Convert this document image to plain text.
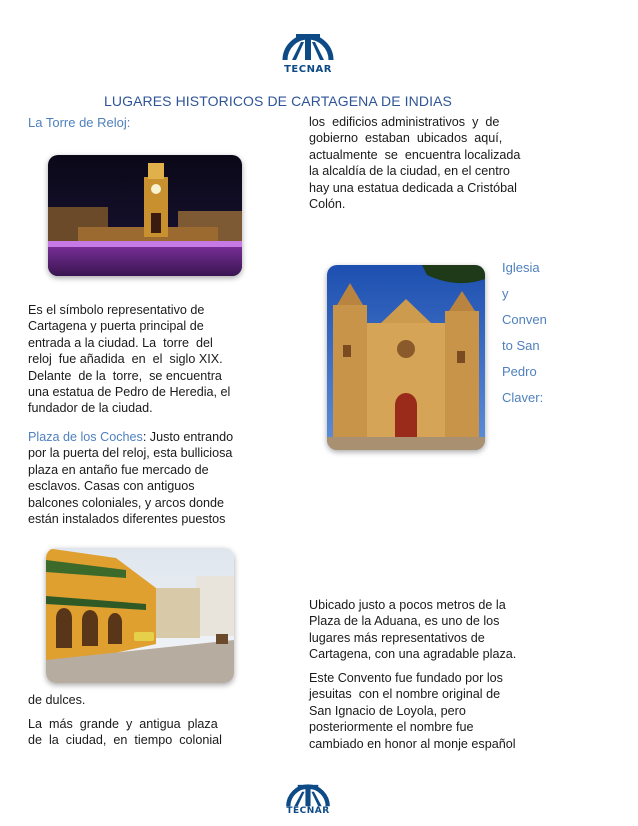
TECNAR
LUGARES HISTORICOS DE CARTAGENA DE INDIAS
La Torre de Reloj:
Es el símbolo representativo de
Cartagena y puerta principal de
entrada a la ciudad. La  torre  del
reloj  fue añadida  en  el  siglo XIX.
Delante  de la  torre,  se encuentra
una estatua de Pedro de Heredia, el
fundador de la ciudad.
Plaza de los Coches: Justo entrando
por la puerta del reloj, esta bulliciosa
plaza en antaño fue mercado de
esclavos. Casas con antiguos
balcones coloniales, y arcos donde
están instalados diferentes puestos
de dulces.
La  más  grande  y  antigua  plaza
de  la  ciudad,  en  tiempo  colonial
los  edificios administrativos  y  de
gobierno  estaban  ubicados  aquí,
actualmente  se  encuentra localizada
la alcaldía de la ciudad, en el centro
hay una estatua dedicada a Cristóbal
Colón.
Iglesia
y
Conven
to San
Pedro
Claver:
Ubicado justo a pocos metros de la
Plaza de la Aduana, es uno de los
lugares más representativos de
Cartagena, con una agradable plaza.
Este Convento fue fundado por los
jesuitas  con el nombre original de
San Ignacio de Loyola, pero
posteriormente el nombre fue
cambiado en honor al monje español
TECNAR
